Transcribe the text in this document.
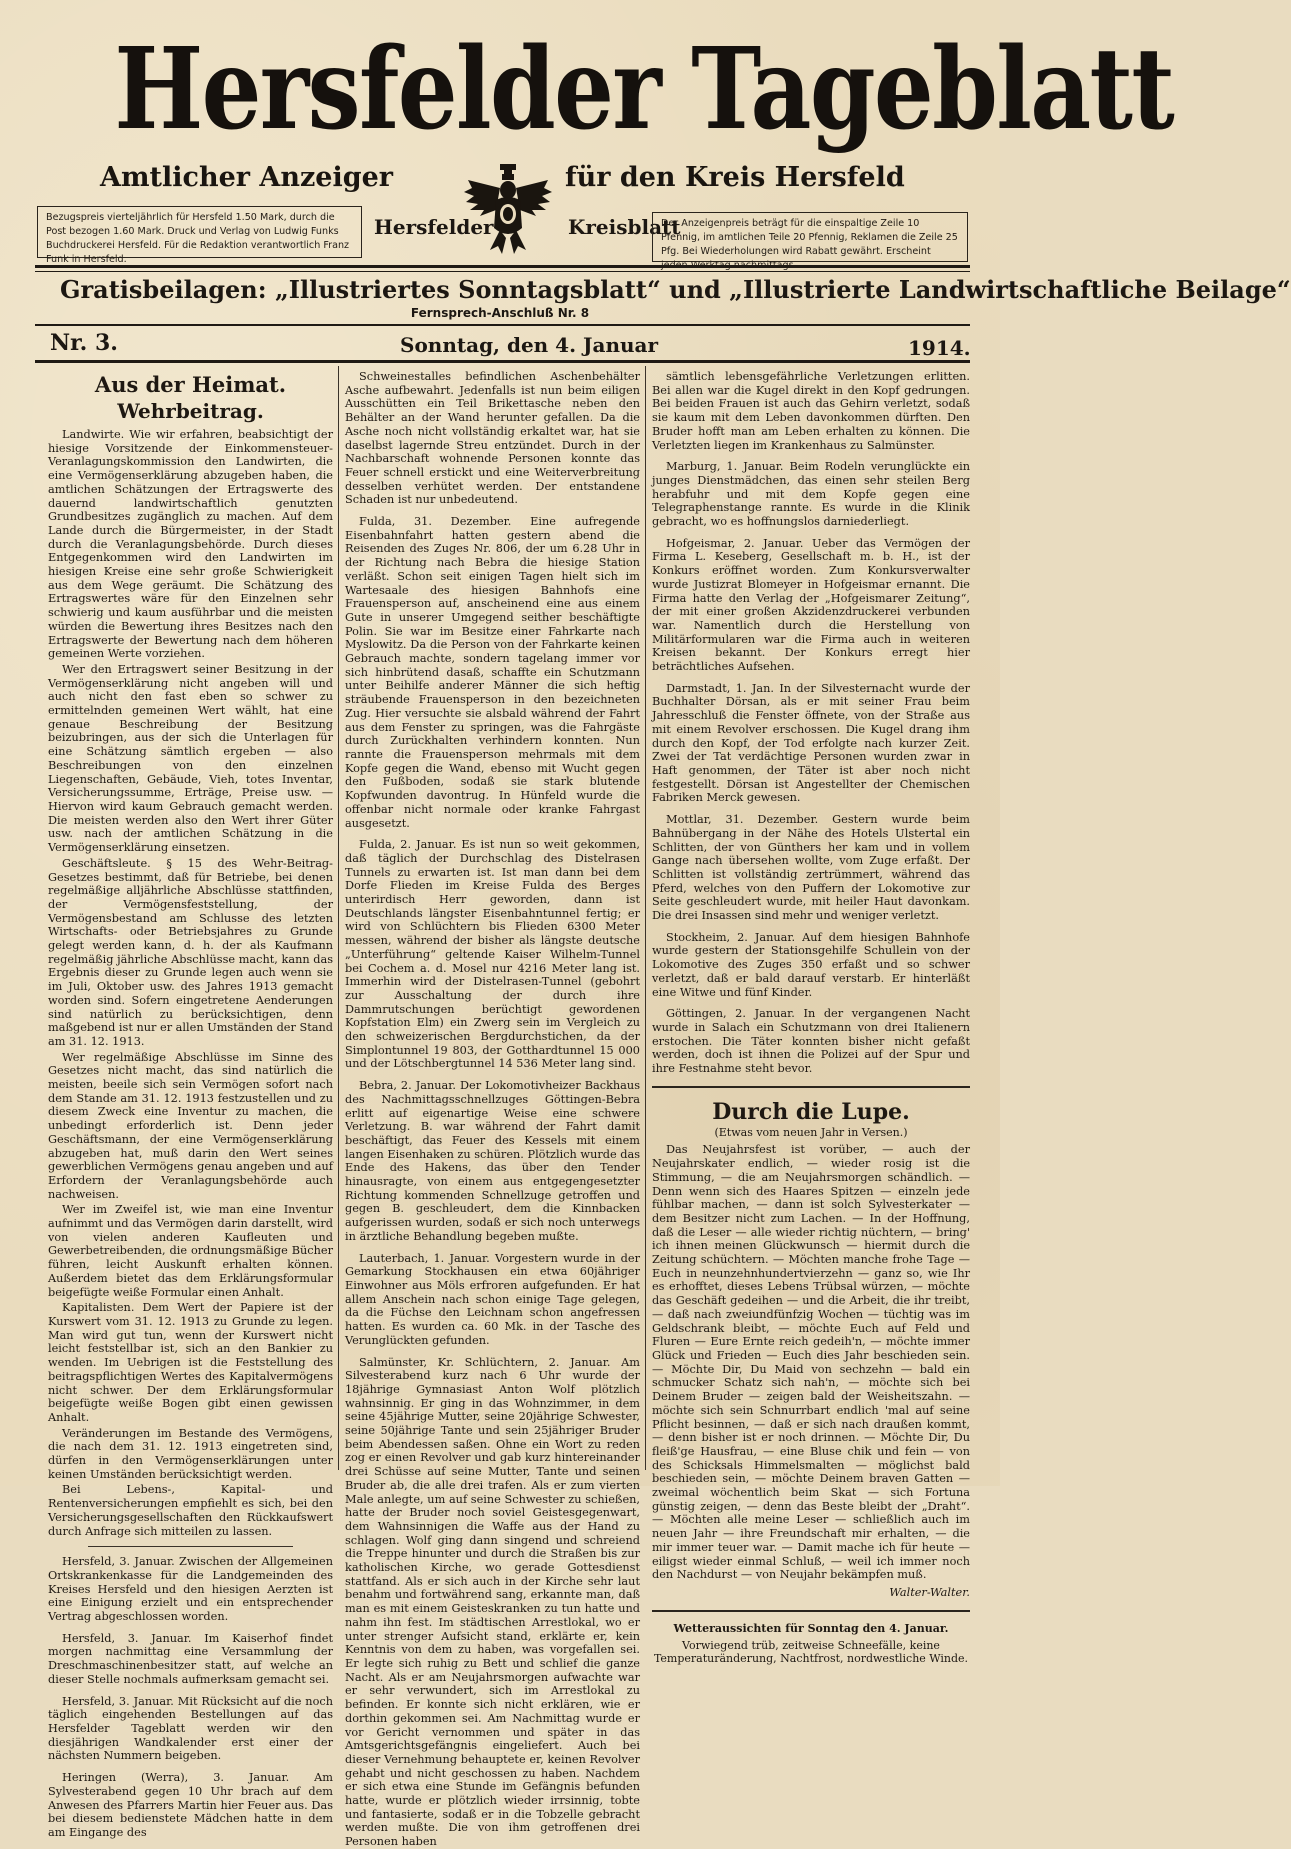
Hersfelder Tageblatt
Amtlicher Anzeiger	für den Kreis Hersfeld
Hersfelder	Kreisblatt
Bezugspreis vierteljährlich für Hersfeld 1.50 Mark, durch die Post bezogen 1.60 Mark. Druck und Verlag von Ludwig Funks Buchdruckerei Hersfeld. Für die Redaktion verantwortlich Franz Funk in Hersfeld.
Der Anzeigenpreis beträgt für die einspaltige Zeile 10 Pfennig, im amtlichen Teile 20 Pfennig, Reklamen die Zeile 25 Pfg. Bei Wiederholungen wird Rabatt gewährt. Erscheint
Gratisbeilagen: „Illustriertes Sonntagsblatt“ und „Illustrierte Landwirtschaftliche Beilage“
Fernsprech-Anschluß Nr. 8
Nr. 3.	Sonntag, den 4. Januar	1914.
Aus der Heimat.
Wehrbeitrag.

Landwirte. Wie wir erfahren, beabsichtigt der hiesige Vorsitzende der Einkommensteuer-Veranlagungskommission den Landwirten, die eine Vermögenserklärung abzugeben haben, die amtlichen Schätzungen der Ertragswerte des dauernd landwirtschaftlich genutzten Grundbesitzes zugänglich zu machen. Auf dem Lande durch die Bürgermeister, in der Stadt durch die Veranlagungsbehörde. Durch dieses Entgegenkommen wird den Landwirten im hiesigen Kreise eine sehr große Schwierigkeit aus dem Wege geräumt. Die Schätzung des Ertragswertes wäre für den Einzelnen sehr schwierig und kaum ausführbar und die meisten würden die Bewertung ihres Besitzes nach den Ertragswerte der Bewertung nach dem höheren gemeinen Werte vorziehen.

Wer den Ertragswert seiner Besitzung in der Vermögenserklärung nicht angeben will und auch nicht den fast eben so schwer zu ermittelnden gemeinen Wert wählt, hat eine genaue Beschreibung der Besitzung beizubringen, aus der sich die Unterlagen für eine Schätzung sämtlich ergeben — also Beschreibungen von den einzelnen Liegenschaften, Gebäude, Vieh, totes Inventar, Versicherungssumme, Erträge, Preise usw. — Hiervon wird kaum Gebrauch gemacht werden. Die meisten werden also den Wert ihrer Güter usw. nach der amtlichen Schätzung in die Vermögenserklärung einsetzen.

Geschäftsleute. § 15 des Wehr-Beitrag-Gesetzes bestimmt, daß für Betriebe, bei denen regelmäßige alljährliche Abschlüsse stattfinden, der Vermögensfeststellung, der Vermögensbestand am Schlusse des letzten Wirtschafts- oder Betriebsjahres zu Grunde gelegt werden kann, d. h. der als Kaufmann regelmäßig jährliche Abschlüsse macht, kann das Ergebnis dieser zu Grunde legen auch wenn sie im Juli, Oktober usw. des Jahres 1913 gemacht worden sind. Sofern eingetretene Aenderungen sind natürlich zu berücksichtigen, denn maßgebend ist nur er allen Umständen der Stand am 31. 12. 1913.

Wer regelmäßige Abschlüsse im Sinne des Gesetzes nicht macht, das sind natürlich die meisten, beeile sich sein Vermögen sofort nach dem Stande am 31. 12. 1913 festzustellen und zu diesem Zweck eine Inventur zu machen, die unbedingt erforderlich ist. Denn jeder Geschäftsmann, der eine Vermögenserklärung abzugeben hat, muß darin den Wert seines gewerblichen Vermögens genau angeben und auf Erfordern der Veranlagungsbehörde auch nachweisen.

Wer im Zweifel ist, wie man eine Inventur aufnimmt und das Vermögen darin darstellt, wird von vielen anderen Kaufleuten und Gewerbetreibenden, die ordnungsmäßige Bücher führen, leicht Auskunft erhalten können. Außerdem bietet das dem Erklärungsformular beigefügte weiße Formular einen Anhalt.

Kapitalisten. Dem Wert der Papiere ist der Kurswert vom 31. 12. 1913 zu Grunde zu legen. Man wird gut tun, wenn der Kurswert nicht leicht feststellbar ist, sich an den Bankier zu wenden. Im Uebrigen ist die Feststellung des beitragspflichtigen Wertes des Kapitalvermögens nicht schwer. Der dem Erklärungsformular beigefügte weiße Bogen gibt einen gewissen Anhalt.

Veränderungen im Bestande des Vermögens, die nach dem 31. 12. 1913 eingetreten sind, dürfen in den Vermögenserklärungen unter keinen Umständen berücksichtigt werden.

Bei Lebens-, Kapital- und Rentenversicherungen empfiehlt es sich, bei den Versicherungsgesellschaften den Rückkaufswert durch Anfrage sich mitteilen zu lassen.

Hersfeld, 3. Januar. Zwischen der Allgemeinen Ortskrankenkasse für die Landgemeinden des Kreises Hersfeld und den hiesigen Aerzten ist eine Einigung erzielt und ein entsprechender Vertrag abgeschlossen worden.

Hersfeld, 3. Januar. Im Kaiserhof findet morgen nachmittag eine Versammlung der Dreschmaschinenbesitzer statt, auf welche an dieser Stelle nochmals aufmerksam gemacht sei.

Hersfeld, 3. Januar. Mit Rücksicht auf die noch täglich eingehenden Bestellungen auf das Hersfelder Tageblatt werden wir den diesjährigen Wandkalender erst einer der nächsten Nummern beigeben.

Heringen (Werra), 3. Januar. Am Sylvesterabend gegen 10 Uhr brach auf dem Anwesen des Pfarrers Martin hier Feuer aus. Das bei diesem bedienstete Mädchen hatte in dem am Eingange des

Schweinestalles befindlichen Aschenbehälter Asche aufbewahrt. Jedenfalls ist nun beim eiligen Ausschütten ein Teil Brikettasche neben den Behälter an der Wand herunter gefallen. Da die Asche noch nicht vollständig erkaltet war, hat sie daselbst lagernde Streu entzündet. Durch in der Nachbarschaft wohnende Personen konnte das Feuer schnell erstickt und eine Weiterverbreitung desselben verhütet werden. Der entstandene Schaden ist nur unbedeutend.

Fulda, 31. Dezember. Eine aufregende Eisenbahnfahrt hatten gestern abend die Reisenden des Zuges Nr. 806, der um 6.28 Uhr in der Richtung nach Bebra die hiesige Station verläßt. Schon seit einigen Tagen hielt sich im Wartesaale des hiesigen Bahnhofs eine Frauensperson auf, anscheinend eine aus einem Gute in unserer Umgegend seither beschäftigte Polin. Sie war im Besitze einer Fahrkarte nach Myslowitz. Da die Person von der Fahrkarte keinen Gebrauch machte, sondern tagelang immer vor sich hinbrütend dasaß, schaffte ein Schutzmann unter Beihilfe anderer Männer die sich heftig sträubende Frauensperson in den bezeichneten Zug. Hier versuchte sie alsbald während der Fahrt aus dem Fenster zu springen, was die Fahrgäste durch Zurückhalten verhindern konnten. Nun rannte die Frauensperson mehrmals mit dem Kopfe gegen die Wand, ebenso mit Wucht gegen den Fußboden, sodaß sie stark blutende Kopfwunden davontrug. In Hünfeld wurde die offenbar nicht normale oder kranke Fahrgast ausgesetzt.

Fulda, 2. Januar. Es ist nun so weit gekommen, daß täglich der Durchschlag des Distelrasen Tunnels zu erwarten ist. Ist man dann bei dem Dorfe Flieden im Kreise Fulda des Berges unterirdisch Herr geworden, dann ist Deutschlands längster Eisenbahntunnel fertig; er wird von Schlüchtern bis Flieden 6300 Meter messen, während der bisher als längste deutsche „Unterführung“ geltende Kaiser Wilhelm-Tunnel bei Cochem a. d. Mosel nur 4216 Meter lang ist. Immerhin wird der Distelrasen-Tunnel (gebohrt zur Ausschaltung der durch ihre Dammrutschungen berüchtigt gewordenen Kopfstation Elm) ein Zwerg sein im Vergleich zu den schweizerischen Bergdurchstichen, da der Simplontunnel 19 803, der Gotthardtunnel 15 000 und der Lötschbergtunnel 14 536 Meter lang sind.

Bebra, 2. Januar. Der Lokomotivheizer Backhaus des Nachmittagsschnellzuges Göttingen-Bebra erlitt auf eigenartige Weise eine schwere Verletzung. B. war während der Fahrt damit beschäftigt, das Feuer des Kessels mit einem langen Eisenhaken zu schüren. Plötzlich wurde das Ende des Hakens, das über den Tender hinausragte, von einem aus entgegengesetzter Richtung kommenden Schnellzuge getroffen und gegen B. geschleudert, dem die Kinnbacken aufgerissen wurden, sodaß er sich noch unterwegs in ärztliche Behandlung begeben mußte.

Lauterbach, 1. Januar. Vorgestern wurde in der Gemarkung Stockhausen ein etwa 60jähriger Einwohner aus Möls erfroren aufgefunden. Er hat allem Anschein nach schon einige Tage gelegen, da die Füchse den Leichnam schon angefressen hatten. Es wurden ca. 60 Mk. in der Tasche des Verunglückten gefunden.

Salmünster, Kr. Schlüchtern, 2. Januar. Am Silvesterabend kurz nach 6 Uhr wurde der 18jährige Gymnasiast Anton Wolf plötzlich wahnsinnig. Er ging in das Wohnzimmer, in dem seine 45jährige Mutter, seine 20jährige Schwester, seine 50jährige Tante und sein 25jähriger Bruder beim Abendessen saßen. Ohne ein Wort zu reden zog er einen Revolver und gab kurz hintereinander drei Schüsse auf seine Mutter, Tante und seinen Bruder ab, die alle drei trafen. Als er zum vierten Male anlegte, um auf seine Schwester zu schießen, hatte der Bruder noch soviel Geistesgegenwart, dem Wahnsinnigen die Waffe aus der Hand zu schlagen. Wolf ging dann singend und schreiend die Treppe hinunter und durch die Straßen bis zur katholischen Kirche, wo gerade Gottesdienst stattfand. Als er sich auch in der Kirche sehr laut benahm und fortwährend sang, erkannte man, daß man es mit einem Geisteskranken zu tun hatte und nahm ihn fest. Im städtischen Arrestlokal, wo er unter strenger Aufsicht stand, erklärte er, kein Kenntnis von dem zu haben, was vorgefallen sei. Er legte sich ruhig zu Bett und schlief die ganze Nacht. Als er am Neujahrsmorgen aufwachte war er sehr verwundert, sich im Arrestlokal zu befinden. Er konnte sich nicht erklären, wie er dorthin gekommen sei. Am Nachmittag wurde er vor Gericht vernommen und später in das Amtsgerichtsgefängnis eingeliefert. Auch bei dieser Vernehmung behauptete er, keinen Revolver gehabt und nicht geschossen zu haben. Nachdem er sich etwa eine Stunde im Gefängnis befunden hatte, wurde er plötzlich wieder irrsinnig, tobte und fantasierte, sodaß er in die Tobzelle gebracht werden mußte. Die von ihm getroffenen drei Personen haben

sämtlich lebensgefährliche Verletzungen erlitten. Bei allen war die Kugel direkt in den Kopf gedrungen. Bei beiden Frauen ist auch das Gehirn verletzt, sodaß sie kaum mit dem Leben davonkommen dürften. Den Bruder hofft man am Leben erhalten zu können. Die Verletzten liegen im Krankenhaus zu Salmünster.

Marburg, 1. Januar. Beim Rodeln verunglückte ein junges Dienstmädchen, das einen sehr steilen Berg herabfuhr und mit dem Kopfe gegen eine Telegraphenstange rannte. Es wurde in die Klinik gebracht, wo es hoffnungslos darniederliegt.

Hofgeismar, 2. Januar. Ueber das Vermögen der Firma L. Keseberg, Gesellschaft m. b. H., ist der Konkurs eröffnet worden. Zum Konkursverwalter wurde Justizrat Blomeyer in Hofgeismar ernannt. Die Firma hatte den Verlag der „Hofgeismarer Zeitung“, der mit einer großen Akzidenzdruckerei verbunden war. Namentlich durch die Herstellung von Militärformularen war die Firma auch in weiteren Kreisen bekannt. Der Konkurs erregt hier beträchtliches Aufsehen.

Darmstadt, 1. Jan. In der Silvesternacht wurde der Buchhalter Dörsan, als er mit seiner Frau beim Jahresschluß die Fenster öffnete, von der Straße aus mit einem Revolver erschossen. Die Kugel drang ihm durch den Kopf, der Tod erfolgte nach kurzer Zeit. Zwei der Tat verdächtige Personen wurden zwar in Haft genommen, der Täter ist aber noch nicht festgestellt. Dörsan ist Angestellter der Chemischen Fabriken Merck gewesen.

Mottlar, 31. Dezember. Gestern wurde beim Bahnübergang in der Nähe des Hotels Ulstertal ein Schlitten, der von Günthers her kam und in vollem Gange nach übersehen wollte, vom Zuge erfaßt. Der Schlitten ist vollständig zertrümmert, während das Pferd, welches von den Puffern der Lokomotive zur Seite geschleudert wurde, mit heiler Haut davonkam. Die drei Insassen sind mehr und weniger verletzt.

Stockheim, 2. Januar. Auf dem hiesigen Bahnhofe wurde gestern der Stationsgehilfe Schullein von der Lokomotive des Zuges 350 erfaßt und so schwer verletzt, daß er bald darauf verstarb. Er hinterläßt eine Witwe und fünf Kinder.

Göttingen, 2. Januar. In der vergangenen Nacht wurde in Salach ein Schutzmann von drei Italienern erstochen. Die Täter konnten bisher nicht gefaßt werden, doch ist ihnen die Polizei auf der Spur und ihre Festnahme steht bevor.

Durch die Lupe.
(Etwas vom neuen Jahr in Versen.)

Das Neujahrsfest ist vorüber, — auch der Neujahrskater endlich, — wieder rosig ist die Stimmung, — die am Neujahrsmorgen schändlich. — Denn wenn sich des Haares Spitzen — einzeln jede fühlbar machen, — dann ist solch Sylvesterkater — dem Besitzer nicht zum Lachen. — In der Hoffnung, daß die Leser — alle wieder richtig nüchtern, — bring' ich ihnen meinen Glückwunsch — hiermit durch die Zeitung schüchtern. — Möchten manche frohe Tage — Euch in neunzehnhundertvierzehn — ganz so, wie Ihr es erhofftet, dieses Lebens Trübsal würzen, — möchte das Geschäft gedeihen — und die Arbeit, die ihr treibt, — daß nach zweiundfünfzig Wochen — tüchtig was im Geldschrank bleibt, — möchte Euch auf Feld und Fluren — Eure Ernte reich gedeih'n, — möchte immer Glück und Frieden — Euch dies Jahr beschieden sein. — Möchte Dir, Du Maid von sechzehn — bald ein schmucker Schatz sich nah'n, — möchte sich bei Deinem Bruder — zeigen bald der Weisheitszahn. — möchte sich sein Schnurrbart endlich 'mal auf seine Pflicht besinnen, — daß er sich nach draußen kommt, — denn bisher ist er noch drinnen. — Möchte Dir, Du fleiß'ge Hausfrau, — eine Bluse chik und fein — von des Schicksals Himmelsmalten — möglichst bald beschieden sein, — möchte Deinem braven Gatten — zweimal wöchentlich beim Skat — sich Fortuna günstig zeigen, — denn das Beste bleibt der „Draht“. — Möchten alle meine Leser — schließlich auch im neuen Jahr — ihre Freundschaft mir erhalten, — die mir immer teuer war. — Damit mache ich für heute — eiligst wieder einmal Schluß, — weil ich immer noch den Nachdurst — von Neujahr bekämpfen muß.

Walter-Walter.
Wetteraussichten für Sonntag den 4. Januar.
Vorwiegend trüb, zeitweise Schneefälle, keine Temperaturänderung, Nachtfrost, nordwestliche Winde.
